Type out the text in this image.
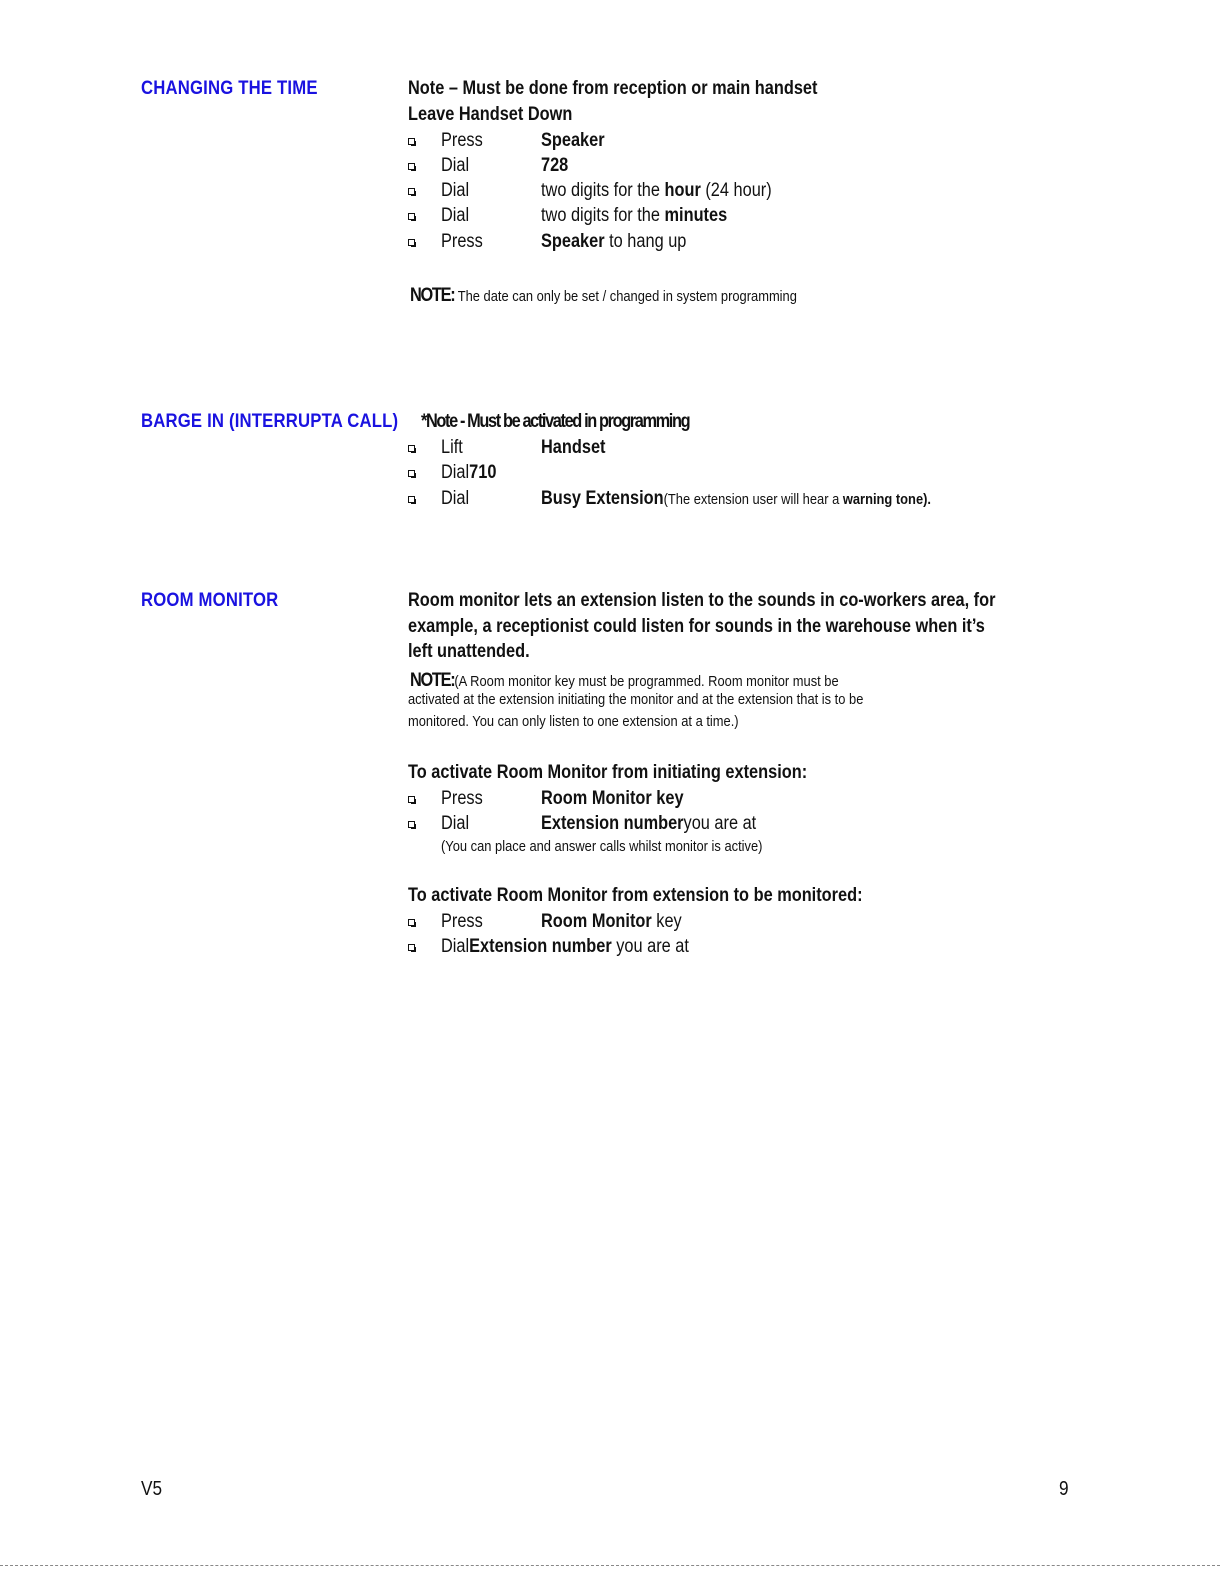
CHANGING THE TIME	Note – Must be done from reception or main handset
Leave Handset Down
Press	Speaker
Dial	728
Dial	two digits for the hour (24 hour)
Dial	two digits for the minutes
Press	Speaker to hang up
NOTE: The date can only be set / changed in system programming
BARGE IN (INTERRUPTA CALL) *Note - Must be activated in programming
Lift	Handset
Dial710
Dial	Busy Extension(The extension user will hear a warning tone).
ROOM MONITOR	Room monitor lets an extension listen to the sounds in co-workers area, for
example, a receptionist could listen for sounds in the warehouse when it’s
left unattended.
NOTE:(A Room monitor key must be programmed. Room monitor must be
activated at the extension initiating the monitor and at the extension that is to be
monitored. You can only listen to one extension at a time.)
To activate Room Monitor from initiating extension:
Press	Room Monitor key
Dial	Extension numberyou are at
(You can place and answer calls whilst monitor is active)
To activate Room Monitor from extension to be monitored:
Press	Room Monitor key
DialExtension number you are at
V5	9
